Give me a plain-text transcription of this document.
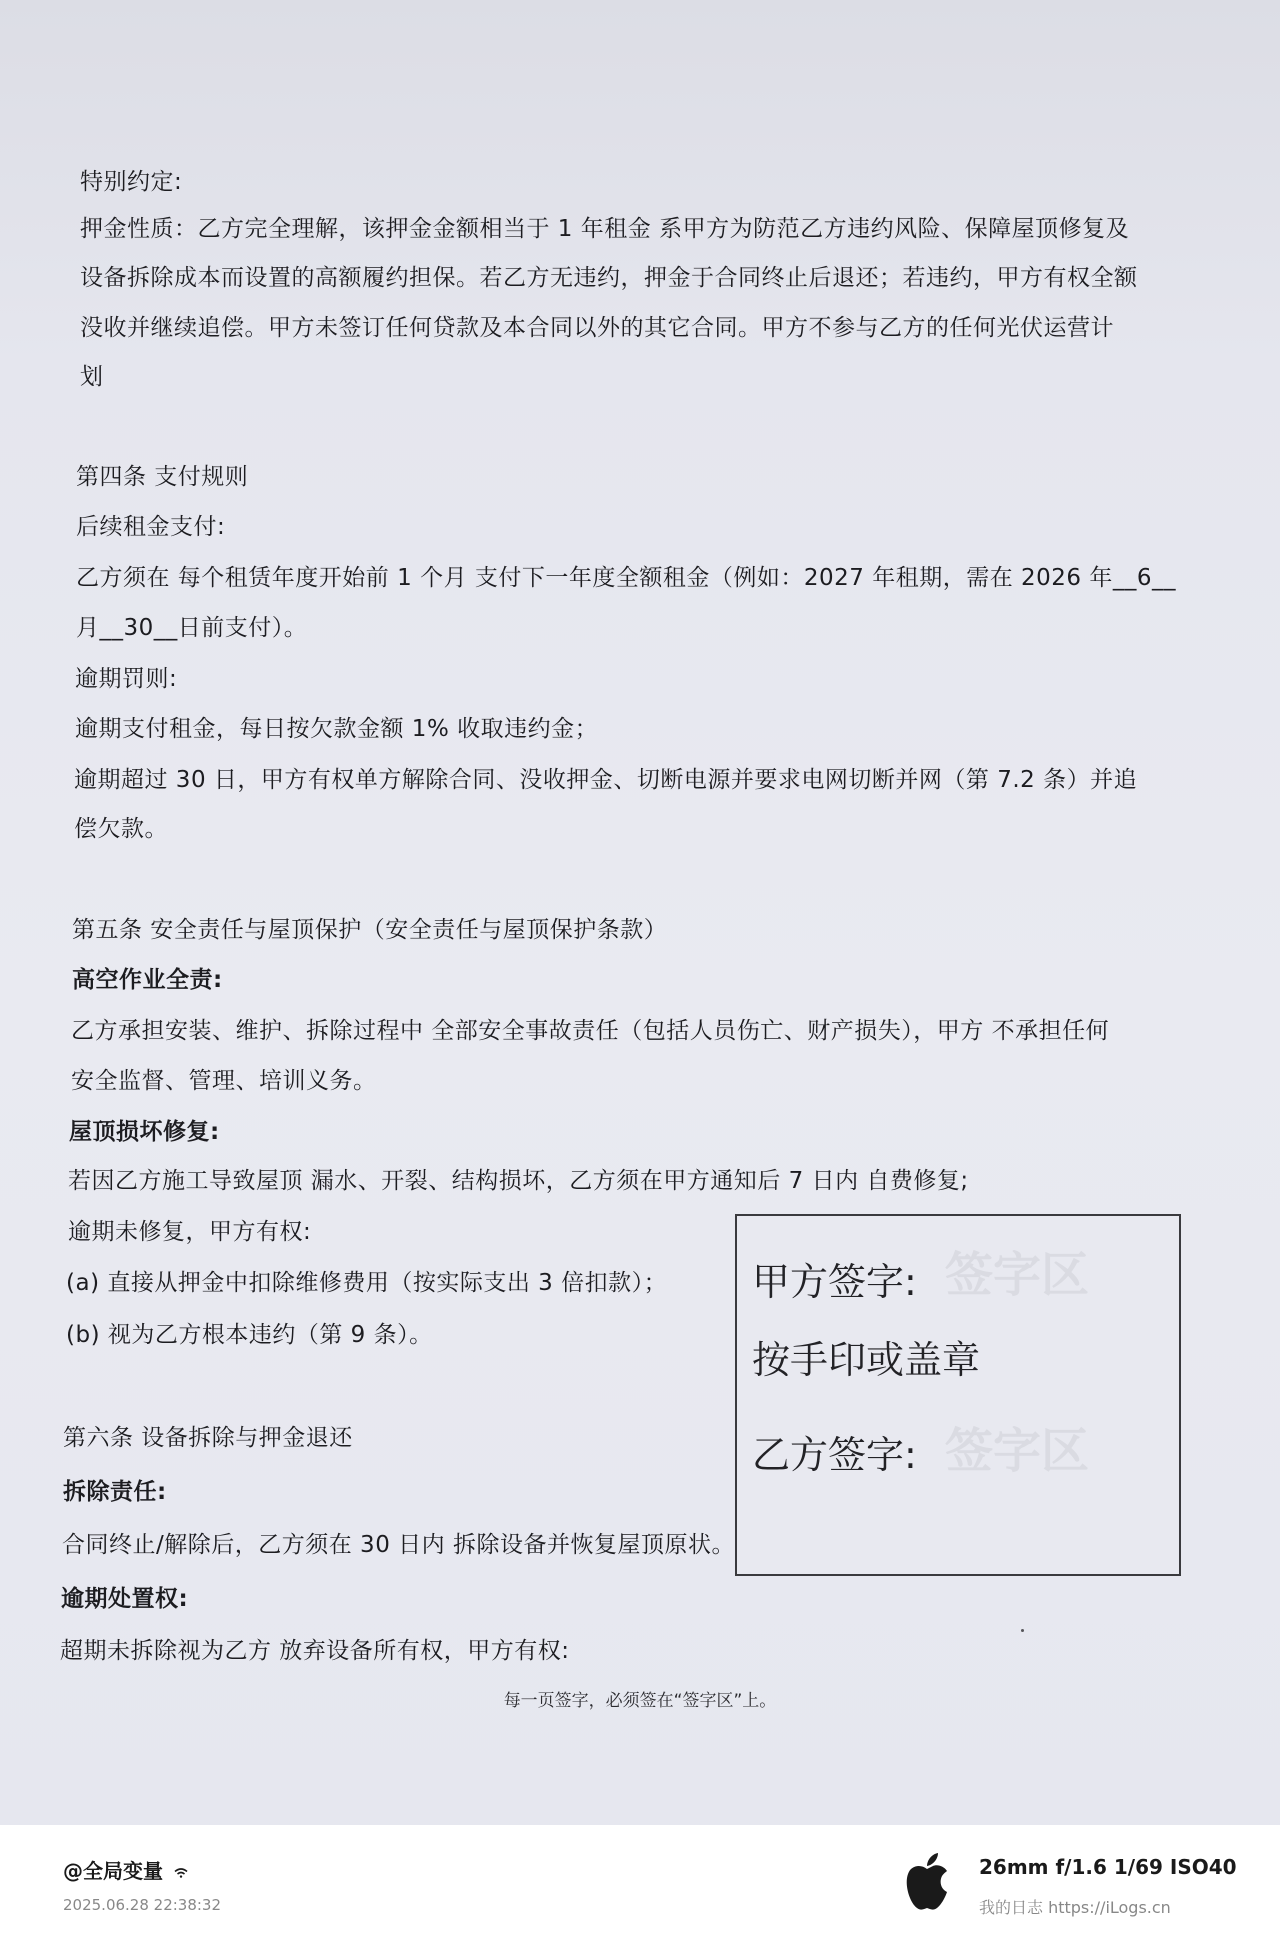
特别约定:
押金性质：乙方完全理解，该押金金额相当于 1 年租金 系甲方为防范乙方违约风险、保障屋顶修复及
设备拆除成本而设置的高额履约担保。若乙方无违约，押金于合同终止后退还；若违约，甲方有权全额
没收并继续追偿。甲方未签订任何贷款及本合同以外的其它合同。甲方不参与乙方的任何光伏运营计
划
第四条 支付规则
后续租金支付:
乙方须在 每个租赁年度开始前 1 个月 支付下一年度全额租金（例如：2027 年租期，需在 2026 年__6__
月__30__日前支付）。
逾期罚则:
逾期支付租金，每日按欠款金额 1% 收取违约金；
逾期超过 30 日，甲方有权单方解除合同、没收押金、切断电源并要求电网切断并网（第 7.2 条）并追
偿欠款。
第五条 安全责任与屋顶保护（安全责任与屋顶保护条款）
高空作业全责:
乙方承担安装、维护、拆除过程中 全部安全事故责任（包括人员伤亡、财产损失），甲方 不承担任何
安全监督、管理、培训义务。
屋顶损坏修复:
若因乙方施工导致屋顶 漏水、开裂、结构损坏，乙方须在甲方通知后 7 日内 自费修复;
逾期未修复，甲方有权:
(a) 直接从押金中扣除维修费用（按实际支出 3 倍扣款）；
(b) 视为乙方根本违约（第 9 条）。
第六条 设备拆除与押金退还
拆除责任:
合同终止/解除后，乙方须在 30 日内 拆除设备并恢复屋顶原状。
逾期处置权:
超期未拆除视为乙方 放弃设备所有权，甲方有权:
每一页签字，必须签在“签字区”上。
签字区
签字区
甲方签字:
按手印或盖章
乙方签字:
@全局变量
2025.06.28 22:38:32
26mm f/1.6 1/69 ISO40
我的日志 https://iLogs.cn
